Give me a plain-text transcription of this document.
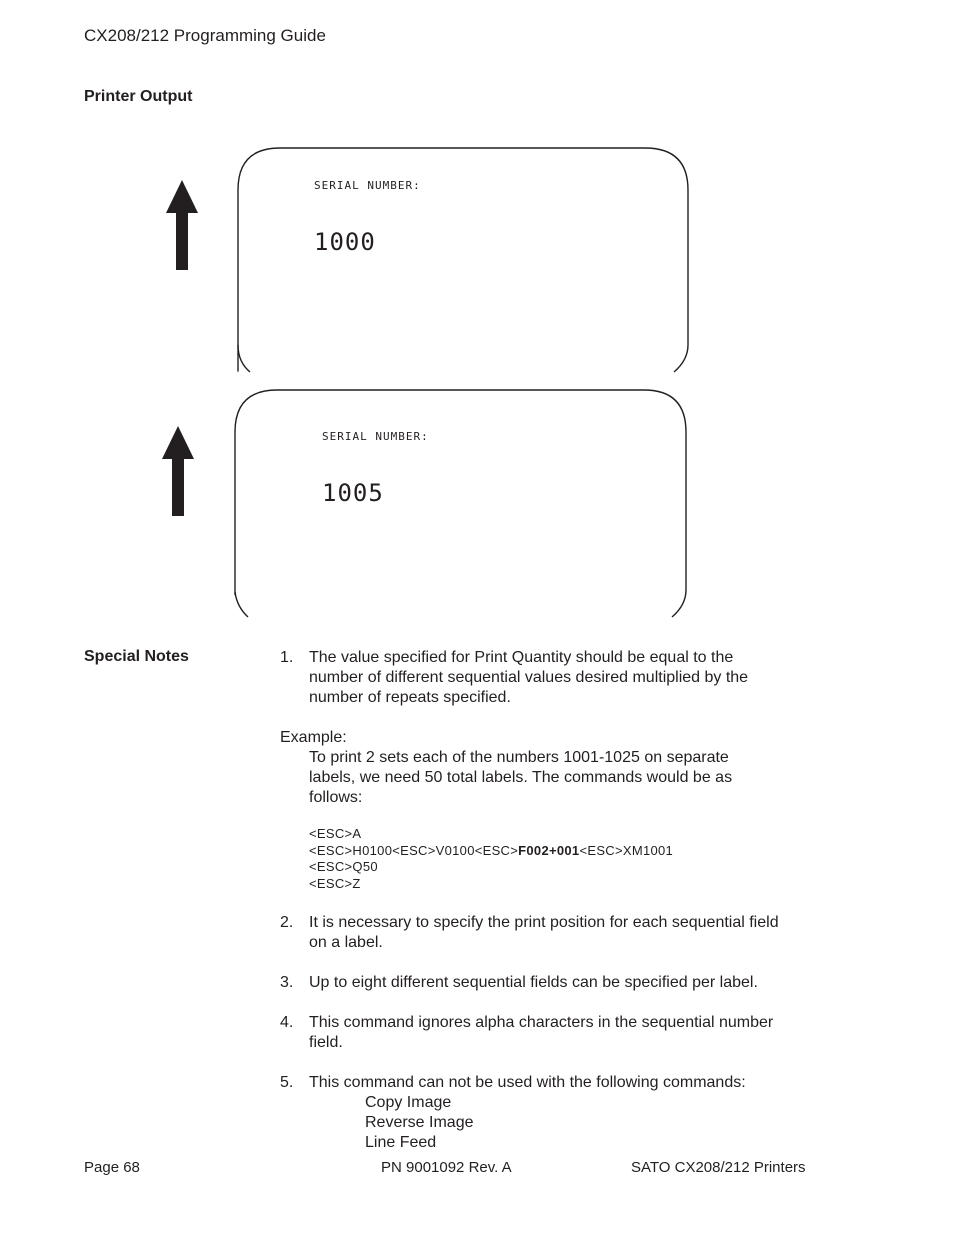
CX208/212 Programming Guide
Printer Output
SERIAL NUMBER:
1000
SERIAL NUMBER:
1005
Special Notes	1. The value specified for Print Quantity should be equal to the
number of different sequential values desired multiplied by the
number of repeats specified.
Example:
To print 2 sets each of the numbers 1001-1025 on separate
labels, we need 50 total labels. The commands would be as
follows:
<ESC>A
<ESC>H0100<ESC>V0100<ESC>F002+001<ESC>XM1001
<ESC>Q50
<ESC>Z
2. It is necessary to specify the print position for each sequential field
on a label.
3. Up to eight different sequential fields can be specified per label.
4. This command ignores alpha characters in the sequential number
field.
5. This command can not be used with the following commands:
Copy Image
Reverse Image
Line Feed
Page 68	PN 9001092 Rev. A	SATO CX208/212 Printers
